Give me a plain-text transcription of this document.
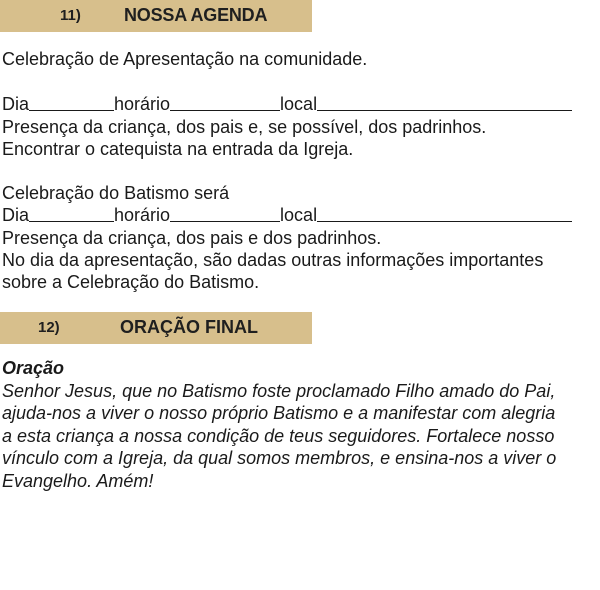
11) NOSSA AGENDA
Celebração de Apresentação na comunidade.
Dia	horário	local
Presença da criança, dos pais e, se possível, dos padrinhos.
Encontrar o catequista na entrada da Igreja.
Celebração do Batismo será
Dia	horário	local
Presença da criança, dos pais e dos padrinhos.
No dia da apresentação, são dadas outras informações importantes
sobre a Celebração do Batismo.
12)	ORAÇÃO FINAL
Oração
Senhor Jesus, que no Batismo foste proclamado Filho amado do Pai,
ajuda-nos a viver o nosso próprio Batismo e a manifestar com alegria
a esta criança a nossa condição de teus seguidores. Fortalece nosso
vínculo com a Igreja, da qual somos membros, e ensina-nos a viver o
Evangelho. Amém!
